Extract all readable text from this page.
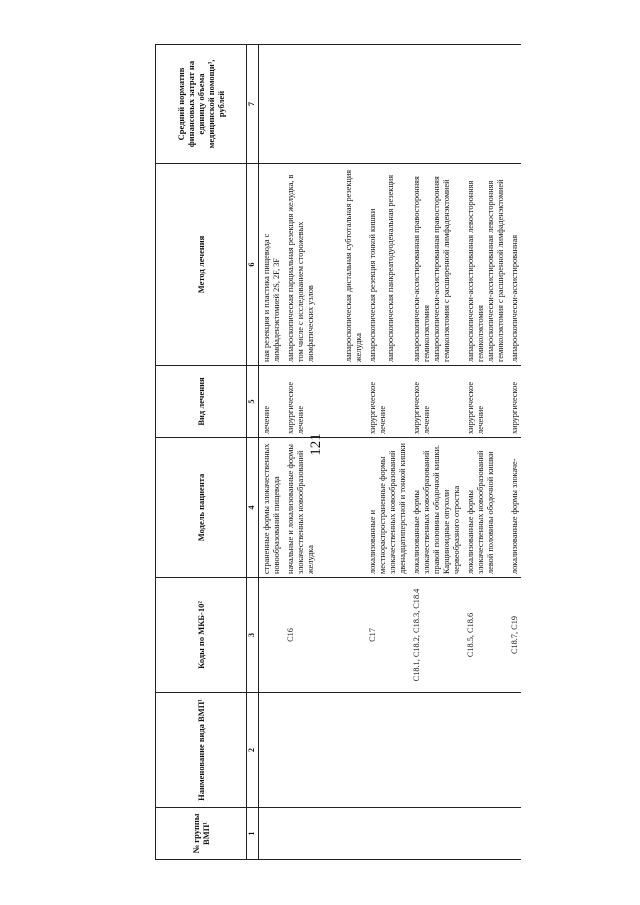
121
№ группы ВМП¹	Наименование вида ВМП¹	Коды по МКБ-10²	Модель пациента	Вид лечения	Метод лечения	Средний норматив финансовых затрат на единицу объема медицинской помощи³, рублей
1	2	3	4	5	6	7
			страненные формы злокачественных новообразований пищевода	лечение	ная резекция и пластика пищевода с лимфаденэктомией 2S, 2F, 3F	
		C16	начальные и локализованные формы злокачественных новообразований желудка	хирургическое лечение	лапароскопическая парциальная резекция желудка, в том числе с исследованием сторожевых лимфатических узлов лапароскопическая дистальная субтотальная резекция желудка	

		C17	локализованные и местнораспространенные формы злокачественных новообразований двенадцатиперстной и тонкой кишки	хирургическое лечение	лапароскопическая резекция тонкой кишки лапароскопическая панкреатодуоденальная резекция	

		C18.1, C18.2, C18.3, C18.4	локализованные формы злокачественных новообразований правой половины ободочной кишки. Карциноидные опухоли червеобразного отростка	хирургическое лечение	лапароскопически-ассистированная правосторонняя гемиколэктомия лапароскопически-ассистированная правосторонняя гемиколэктомия с расширенной лимфаденэктомией	

		C18.5, C18.6	локализованные формы злокачественных новообразований левой половины ободочной кишки	хирургическое лечение	лапароскопически-ассистированная левосторонняя гемиколэктомия лапароскопически-ассистированная левосторонняя гемиколэктомия с расширенной лимфаденэктомией	

		C18.7, C19	локализованные формы злокаче-	хирургическое	лапароскопически-ассистированная	
